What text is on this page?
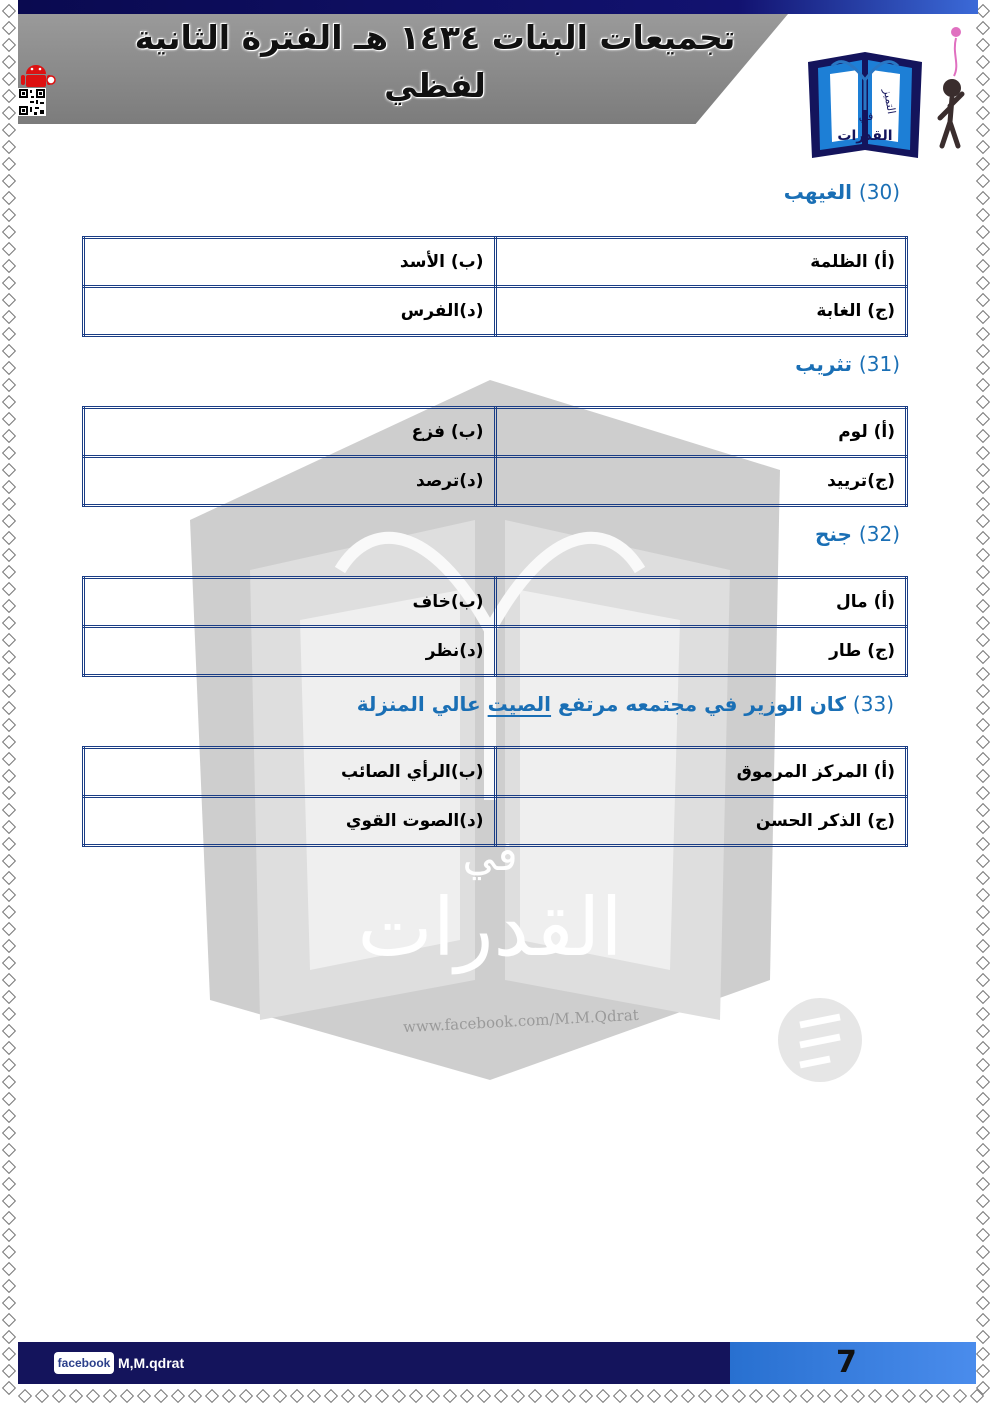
تجميعات البنات ١٤٣٤ هـ الفترة الثانية
لفظي
القدرات
التميز
في
القدرات
في
www.facebook.com/M.M.Qdrat
(30) الغيهب
(أ) الظلمة	(ب) الأسد
(ج) الغابة	(د)الفرس
(31) تثريب
(أ) لوم	(ب) فزع
(ج)ترييد	(د)ترصد
(32) جنح
(أ) مال	(ب)خاف
(ج) طار	(د)نظر
(33) كان الوزير في مجتمعه مرتفع الصيت عالي المنزلة
(أ) المركز المرموق	(ب)الرأي الصائب
(ج) الذكر الحسن	(د)الصوت القوي
facebook M,M.qdrat	7
